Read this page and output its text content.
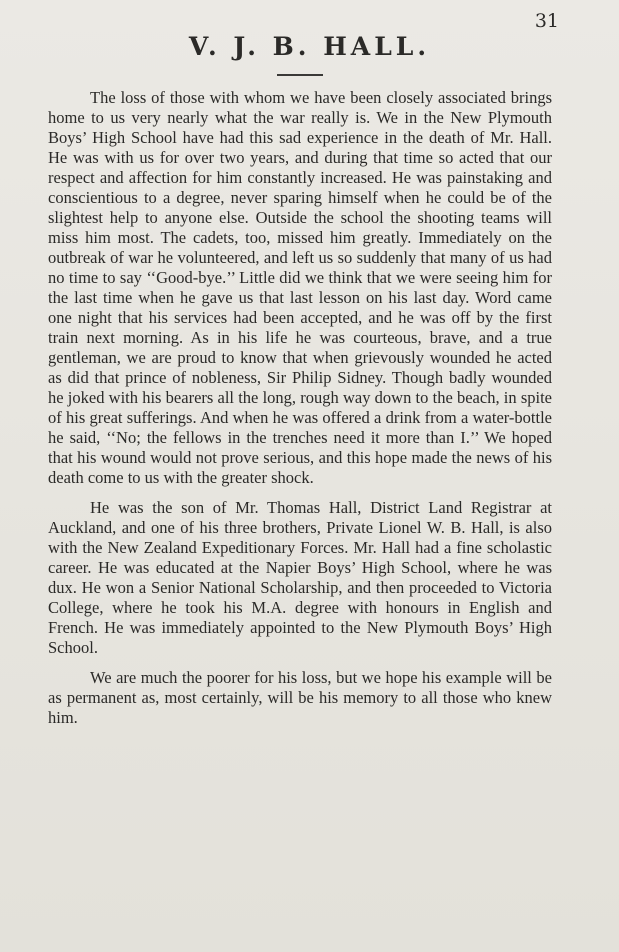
31
V. J. B. HALL.

The loss of those with whom we have been closely associated brings home to us very nearly what the war really is. We in the New Plymouth Boys’ High School have had this sad experience in the death of Mr. Hall. He was with us for over two years, and during that time so acted that our respect and affection for him constantly increased. He was painstaking and conscientious to a degree, never sparing himself when he could be of the slightest help to anyone else. Outside the school the shooting teams will miss him most. The cadets, too, missed him greatly. Immediately on the outbreak of war he volunteered, and left us so suddenly that many of us had no time to say ‘‘Good-bye.’’ Little did we think that we were seeing him for the last time when he gave us that last lesson on his last day. Word came one night that his services had been accepted, and he was off by the first train next morning. As in his life he was courteous, brave, and a true gentleman, we are proud to know that when grievously wounded he acted as did that prince of nobleness, Sir Philip Sidney. Though badly wounded he joked with his bearers all the long, rough way down to the beach, in spite of his great sufferings. And when he was offered a drink from a water-bottle he said, ‘‘No; the fellows in the trenches need it more than I.’’ We hoped that his wound would not prove serious, and this hope made the news of his death come to us with the greater shock.

He was the son of Mr. Thomas Hall, District Land Registrar at Auckland, and one of his three brothers, Private Lionel W. B. Hall, is also with the New Zealand Expeditionary Forces. Mr. Hall had a fine scholastic career. He was educated at the Napier Boys’ High School, where he was dux. He won a Senior National Scholarship, and then proceeded to Victoria College, where he took his M.A. degree with honours in English and French. He was immediately appointed to the New Plymouth Boys’ High School.

We are much the poorer for his loss, but we hope his example will be as permanent as, most certainly, will be his memory to all those who knew him.
